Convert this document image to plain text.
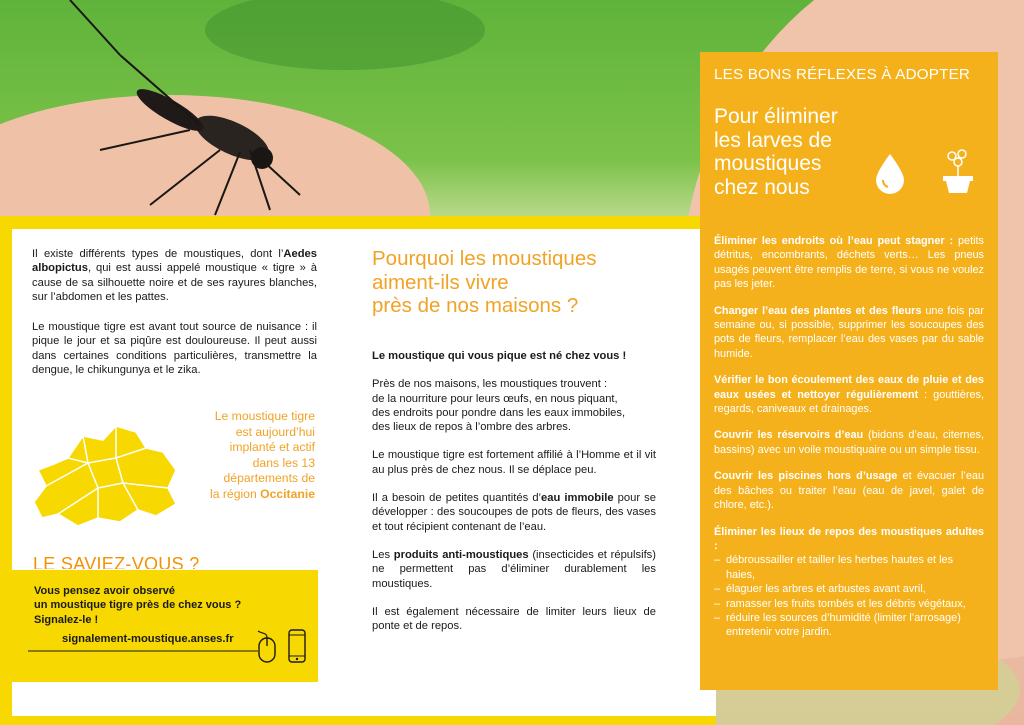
Il existe différents types de moustiques, dont l’Aedes albopictus, qui est aussi appelé moustique « tigre » à cause de sa silhouette noire et de ses rayures blanches, sur l’abdomen et les pattes.
Le moustique tigre est avant tout source de nuisance : il pique le jour et sa piqûre est douloureuse. Il peut aussi dans certaines conditions particulières, transmettre la dengue, le chikungunya et le zika.
Le moustique tigre
est aujourd’hui
implanté et actif
dans les 13
départements de
la région Occitanie
LE SAVIEZ-VOUS ?
Vous pensez avoir observé
un moustique tigre près de chez vous ?
Signalez-le !
signalement-moustique.anses.fr
Pourquoi les moustiques
aiment-ils vivre
près de nos maisons ?

Le moustique qui vous pique est né chez vous !

Près de nos maisons, les moustiques trouvent :
de la nourriture pour leurs œufs, en nous piquant,
des endroits pour pondre dans les eaux immobiles,
des lieux de repos à l’ombre des arbres.

Le moustique tigre est fortement affilié à l’Homme et il vit au plus près de chez nous. Il se déplace peu.

Il a besoin de petites quantités d’eau immobile pour se développer : des soucoupes de pots de fleurs, des vases et tout récipient contenant de l’eau.

Les produits anti-moustiques (insecticides et répulsifs) ne permettent pas d’éliminer durablement les moustiques.

Il est également nécessaire de limiter leurs lieux de ponte et de repos.

LES BONS RÉFLEXES À ADOPTER
Pour éliminer
les larves de
moustiques
chez nous
Éliminer les endroits où l’eau peut stagner : petits détritus, encombrants, déchets verts… Les pneus usagés peuvent être remplis de terre, si vous ne voulez pas les jeter.
Changer l’eau des plantes et des fleurs une fois par semaine ou, si possible, supprimer les soucoupes des pots de fleurs, remplacer l’eau des vases par du sable humide.
Vérifier le bon écoulement des eaux de pluie et des eaux usées et nettoyer régulièrement : gouttières, regards, caniveaux et drainages.
Couvrir les réservoirs d’eau (bidons d’eau, citernes, bassins) avec un voile moustiquaire ou un simple tissu.
Couvrir les piscines hors d’usage et évacuer l’eau des bâches ou traiter l’eau (eau de javel, galet de chlore, etc.).
Éliminer les lieux de repos des moustiques adultes :
– débroussailler et tailler les herbes hautes et les haies,
– élaguer les arbres et arbustes avant avril,
– ramasser les fruits tombés et les débris végétaux,
– réduire les sources d’humidité (limiter l’arrosage) entretenir votre jardin.
